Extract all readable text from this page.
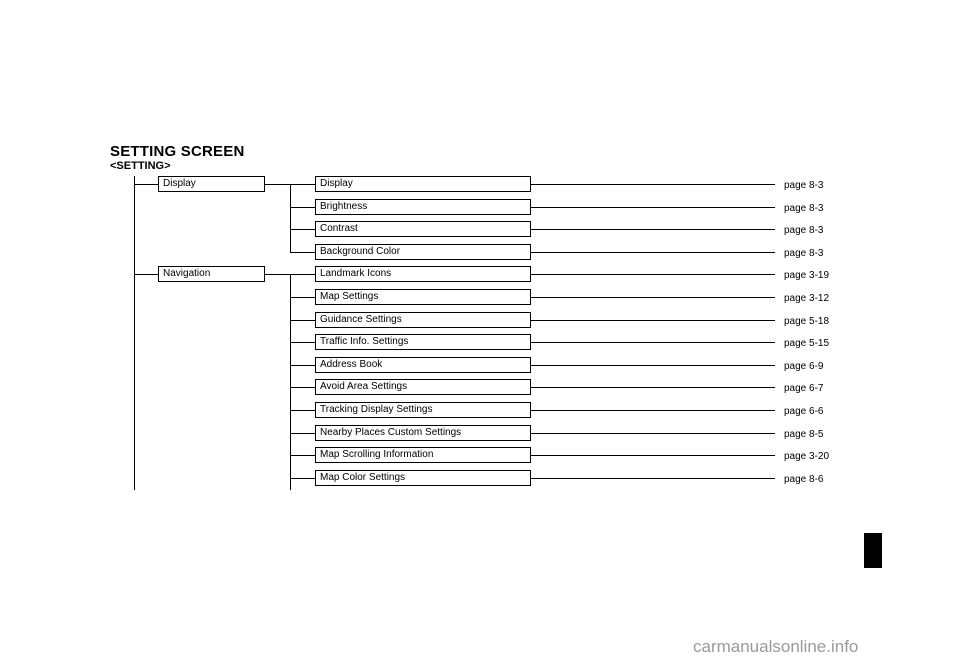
SETTING SCREEN
<SETTING>
Display	Display	page 8-3
Brightness	page 8-3
Contrast	page 8-3
Background Color	page 8-3
Navigation	Landmark Icons	page 3-19
Map Settings	page 3-12
Guidance Settings	page 5-18
Traffic Info. Settings	page 5-15
Address Book	page 6-9
Avoid Area Settings	page 6-7
Tracking Display Settings	page 6-6
Nearby Places Custom Settings	page 8-5
Map Scrolling Information	page 3-20
Map Color Settings	page 8-6
carmanualsonline.info
